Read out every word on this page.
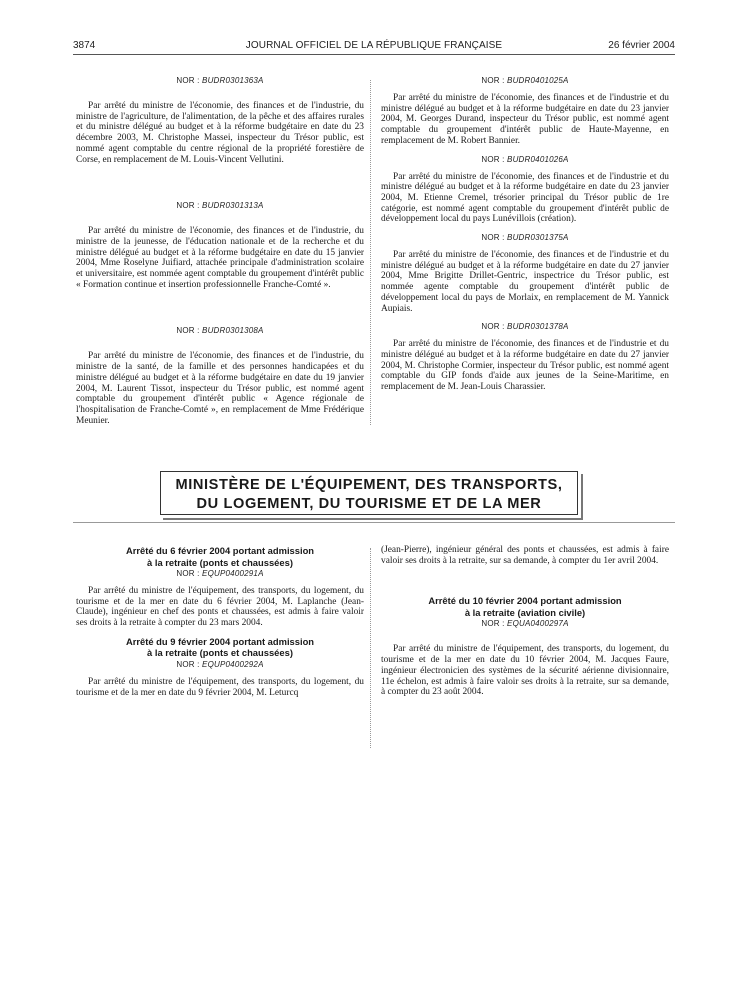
3874	JOURNAL OFFICIEL DE LA RÉPUBLIQUE FRANÇAISE	26 février 2004

NOR : BUDR0301363A

Par arrêté du ministre de l'économie, des finances et de l'industrie, du ministre de l'agriculture, de l'alimentation, de la pêche et des affaires rurales et du ministre délégué au budget et à la réforme budgétaire en date du 23 décembre 2003, M. Christophe Massei, inspecteur du Trésor public, est nommé agent comptable du centre régional de la propriété forestière de Corse, en remplacement de M. Louis-Vincent Vellutini.

NOR : BUDR0301313A

Par arrêté du ministre de l'économie, des finances et de l'industrie, du ministre de la jeunesse, de l'éducation nationale et de la recherche et du ministre délégué au budget et à la réforme budgétaire en date du 15 janvier 2004, Mme Roselyne Juifiard, attachée principale d'administration scolaire et universitaire, est nommée agent comptable du groupement d'intérêt public « Formation continue et insertion professionnelle Franche-Comté ».

NOR : BUDR0301308A

Par arrêté du ministre de l'économie, des finances et de l'industrie, du ministre de la santé, de la famille et des personnes handicapées et du ministre délégué au budget et à la réforme budgétaire en date du 19 janvier 2004, M. Laurent Tissot, inspecteur du Trésor public, est nommé agent comptable du groupement d'intérêt public « Agence régionale de l'hospitalisation de Franche-Comté », en remplacement de Mme Frédérique Meunier.

NOR : BUDR0401025A

Par arrêté du ministre de l'économie, des finances et de l'industrie et du ministre délégué au budget et à la réforme budgétaire en date du 23 janvier 2004, M. Georges Durand, inspecteur du Trésor public, est nommé agent comptable du groupement d'intérêt public de Haute-Mayenne, en remplacement de M. Robert Bannier.

NOR : BUDR0401026A

Par arrêté du ministre de l'économie, des finances et de l'industrie et du ministre délégué au budget et à la réforme budgétaire en date du 23 janvier 2004, M. Etienne Cremel, trésorier principal du Trésor public de 1re catégorie, est nommé agent comptable du groupement d'intérêt public de développement local du pays Lunévillois (création).

NOR : BUDR0301375A

Par arrêté du ministre de l'économie, des finances et de l'industrie et du ministre délégué au budget et à la réforme budgétaire en date du 27 janvier 2004, Mme Brigitte Drillet-Gentric, inspectrice du Trésor public, est nommée agente comptable du groupement d'intérêt public de développement local du pays de Morlaix, en remplacement de M. Yannick Aupiais.

NOR : BUDR0301378A

Par arrêté du ministre de l'économie, des finances et de l'industrie et du ministre délégué au budget et à la réforme budgétaire en date du 27 janvier 2004, M. Christophe Cormier, inspecteur du Trésor public, est nommé agent comptable du GIP fonds d'aide aux jeunes de la Seine-Maritime, en remplacement de M. Jean-Louis Charassier.

MINISTÈRE DE L'ÉQUIPEMENT, DES TRANSPORTS,
DU LOGEMENT, DU TOURISME ET DE LA MER

Arrêté du 6 février 2004 portant admission

à la retraite (ponts et chaussées)

NOR : EQUP0400291A

Par arrêté du ministre de l'équipement, des transports, du logement, du tourisme et de la mer en date du 6 février 2004, M. Laplanche (Jean-Claude), ingénieur en chef des ponts et chaussées, est admis à faire valoir ses droits à la retraite à compter du 23 mars 2004.

Arrêté du 9 février 2004 portant admission

à la retraite (ponts et chaussées)

NOR : EQUP0400292A

Par arrêté du ministre de l'équipement, des transports, du logement, du tourisme et de la mer en date du 9 février 2004, M. Leturcq

(Jean-Pierre), ingénieur général des ponts et chaussées, est admis à faire valoir ses droits à la retraite, sur sa demande, à compter du 1er avril 2004.

Arrêté du 10 février 2004 portant admission

à la retraite (aviation civile)

NOR : EQUA0400297A

Par arrêté du ministre de l'équipement, des transports, du logement, du tourisme et de la mer en date du 10 février 2004, M. Jacques Faure, ingénieur électronicien des systèmes de la sécurité aérienne divisionnaire, 11e échelon, est admis à faire valoir ses droits à la retraite, sur sa demande, à compter du 23 août 2004.
